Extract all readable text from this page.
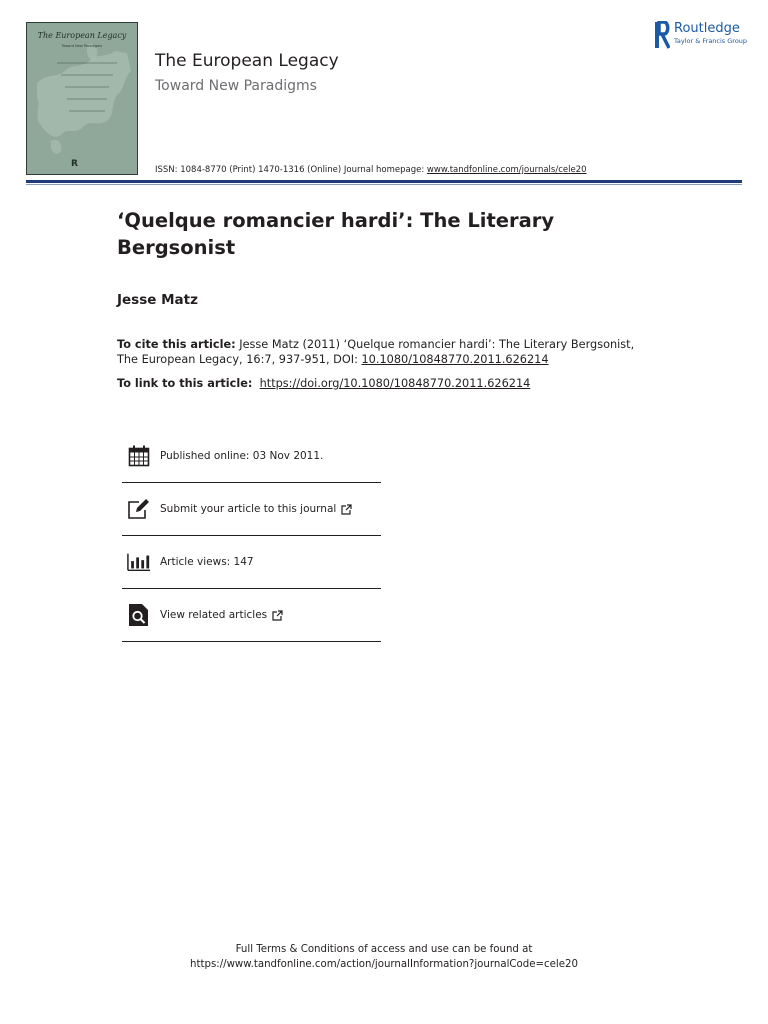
The European Legacy
Toward New Paradigms
R
The European Legacy
Toward New Paradigms
Routledge
Taylor & Francis Group
ISSN: 1084-8770 (Print) 1470-1316 (Online) Journal homepage: www.tandfonline.com/journals/cele20
‘Quelque romancier hardi’: The Literary Bergsonist
Jesse Matz
To cite this article: Jesse Matz (2011) ‘Quelque romancier hardi’: The Literary Bergsonist, The European Legacy, 16:7, 937-951, DOI: 10.1080/10848770.2011.626214
To link to this article: https://doi.org/10.1080/10848770.2011.626214
Published online: 03 Nov 2011.
Submit your article to this journal
Article views: 147
View related articles
Full Terms & Conditions of access and use can be found at
https://www.tandfonline.com/action/journalInformation?journalCode=cele20
